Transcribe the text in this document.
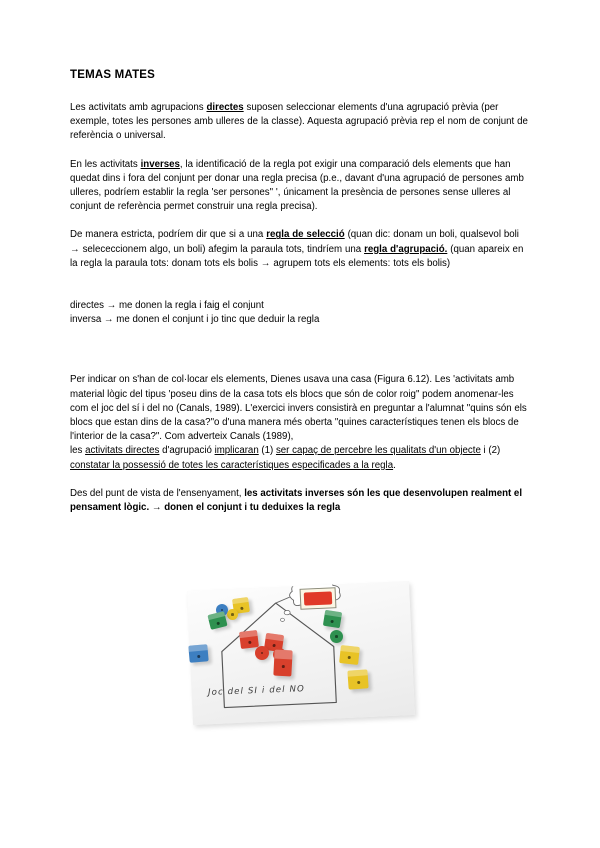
TEMAS MATES

Les activitats amb agrupacions directes suposen seleccionar elements d'una agrupació prèvia (per exemple, totes les persones amb ulleres de la classe). Aquesta agrupació prèvia rep el nom de conjunt de referència o universal.

En les activitats inverses, la identificació de la regla pot exigir una comparació dels elements que han quedat dins i fora del conjunt per donar una regla precisa (p.e., davant d'una agrupació de persones amb ulleres, podríem establir la regla 'ser persones" ', únicament la presència de persones sense ulleres al conjunt de referència permet construir una regla precisa).

De manera estricta, podríem dir que si a una regla de selecció (quan dic: donam un boli, qualsevol boli → selececcionem algo, un boli) afegim la paraula tots, tindríem una regla d'agrupació. (quan apareix en la regla la paraula tots: donam tots els bolis → agrupem tots els elements: tots els bolis)

directes → me donen la regla i faig el conjunt
inversa → me donen el conjunt i jo tinc que deduir la regla

Per indicar on s'han de col·locar els elements, Dienes usava una casa (Figura 6.12). Les 'activitats amb material lògic del tipus 'poseu dins de la casa tots els blocs que són de color roig" podem anomenar-les com el joc del sí i del no (Canals, 1989). L'exercici invers consistirà en preguntar a l'alumnat "quins són els blocs que estan dins de la casa?"o d'una manera més oberta "quines característiques tenen els blocs de l'interior de la casa?". Com adverteix Canals (1989),

les activitats directes d'agrupació implicaran (1) ser capaç de percebre les qualitats d'un objecte i (2) constatar la possessió de totes les característiques especificades a la regla.

Des del punt de vista de l'ensenyament, les activitats inverses són les que desenvolupen realment el pensament lògic. → donen el conjunt i tu deduixes la regla

Joc del SI i del NO
